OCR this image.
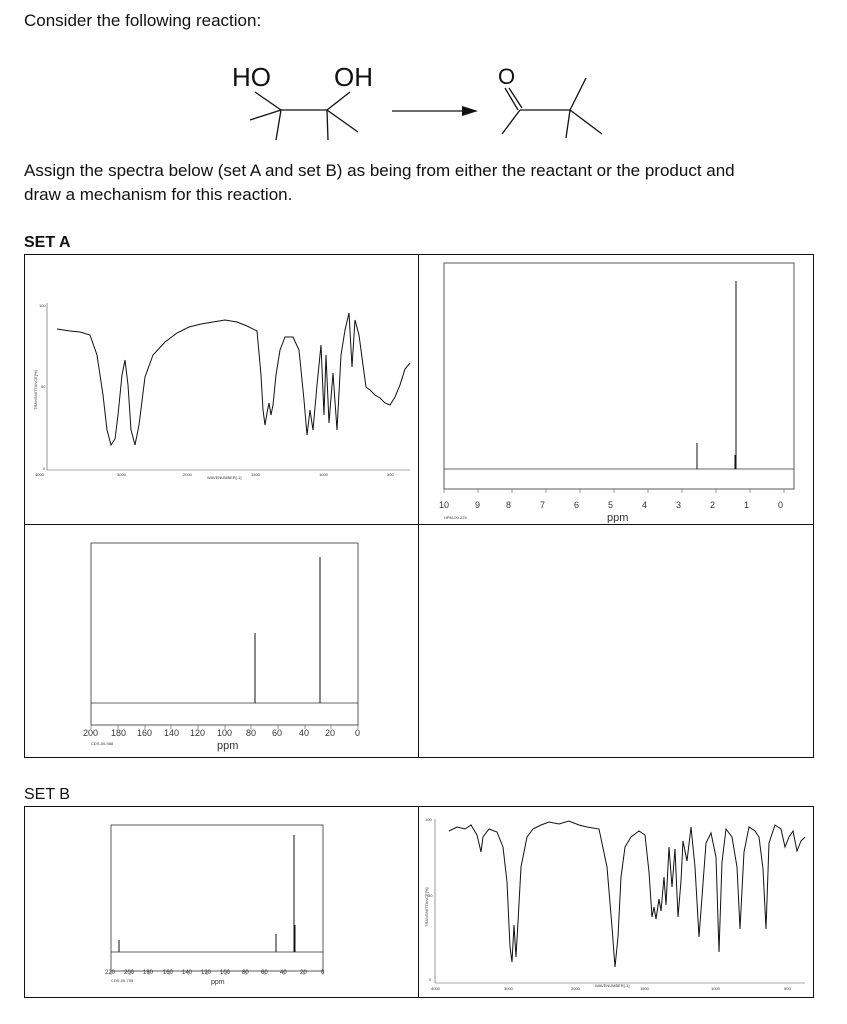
Consider the following reaction:
HO OH	O
Assign the spectra below (set A and set B) as being from either the reactant or the product and
draw a mechanism for this reaction.
SET A
100
50
0
TRANSMITTANCE[%]
4000	3000	2000	1500	1000	500
WAVENUMBER[-1]
10	9	8	7	6	5	4	3	2	1	0
ppm
HPM-00-225
200 180 160 140 120 100 80 60 40 20 0
ppm
CDS-00-988
SET B
220 200 180 160 140 120 100 80 60 40 20 0
ppm
CDS-00-795
100
50
0
TRANSMITTANCE[%]
4000	3000	2000	1500	1000	500
WAVENUMBER[-1]
